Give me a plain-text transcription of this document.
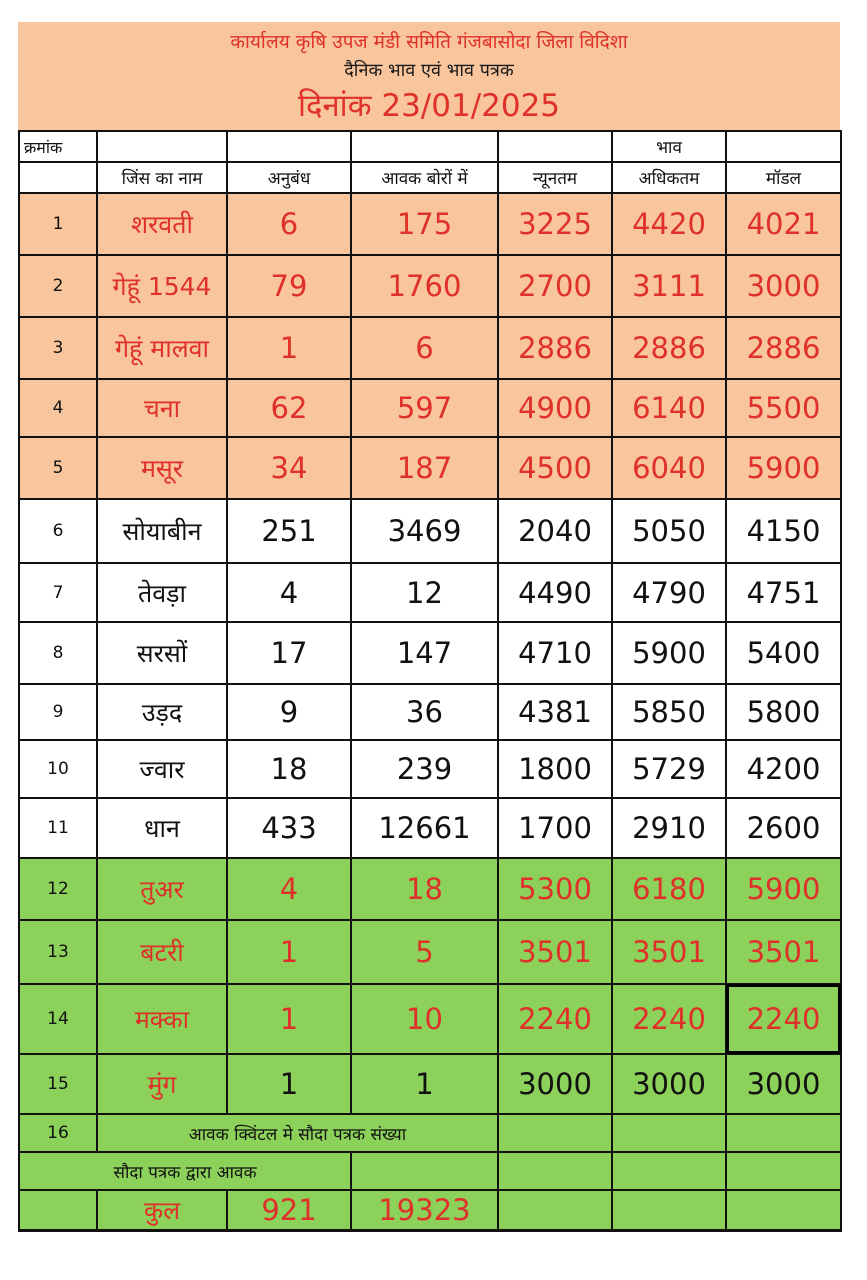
कार्यालय कृषि उपज मंडी समिति गंजबासोदा जिला विदिशा
दैनिक भाव एवं भाव पत्रक
दिनांक 23/01/2025
क्रमांक					भाव	
	जिंस का नाम	अनुबंध	आवक बोरों में	न्यूनतम	अधिकतम	मॉडल
1	शरवती	6	175	3225	4420	4021
2	गेहूं 1544	79	1760	2700	3111	3000
3	गेहूं मालवा	1	6	2886	2886	2886
4	चना	62	597	4900	6140	5500
5	मसूर	34	187	4500	6040	5900
6	सोयाबीन	251	3469	2040	5050	4150
7	तेवड़ा	4	12	4490	4790	4751
8	सरसों	17	147	4710	5900	5400
9	उड़द	9	36	4381	5850	5800
10	ज्वार	18	239	1800	5729	4200
11	धान	433	12661	1700	2910	2600
12	तुअर	4	18	5300	6180	5900
13	बटरी	1	5	3501	3501	3501
14	मक्का	1	10	2240	2240	2240
15	मुंग	1	1	3000	3000	3000
16	आवक क्विंटल मे सौदा पत्रक संख्या					
सौदा पत्रक द्वारा आवक						
	कुल	921	19323			
